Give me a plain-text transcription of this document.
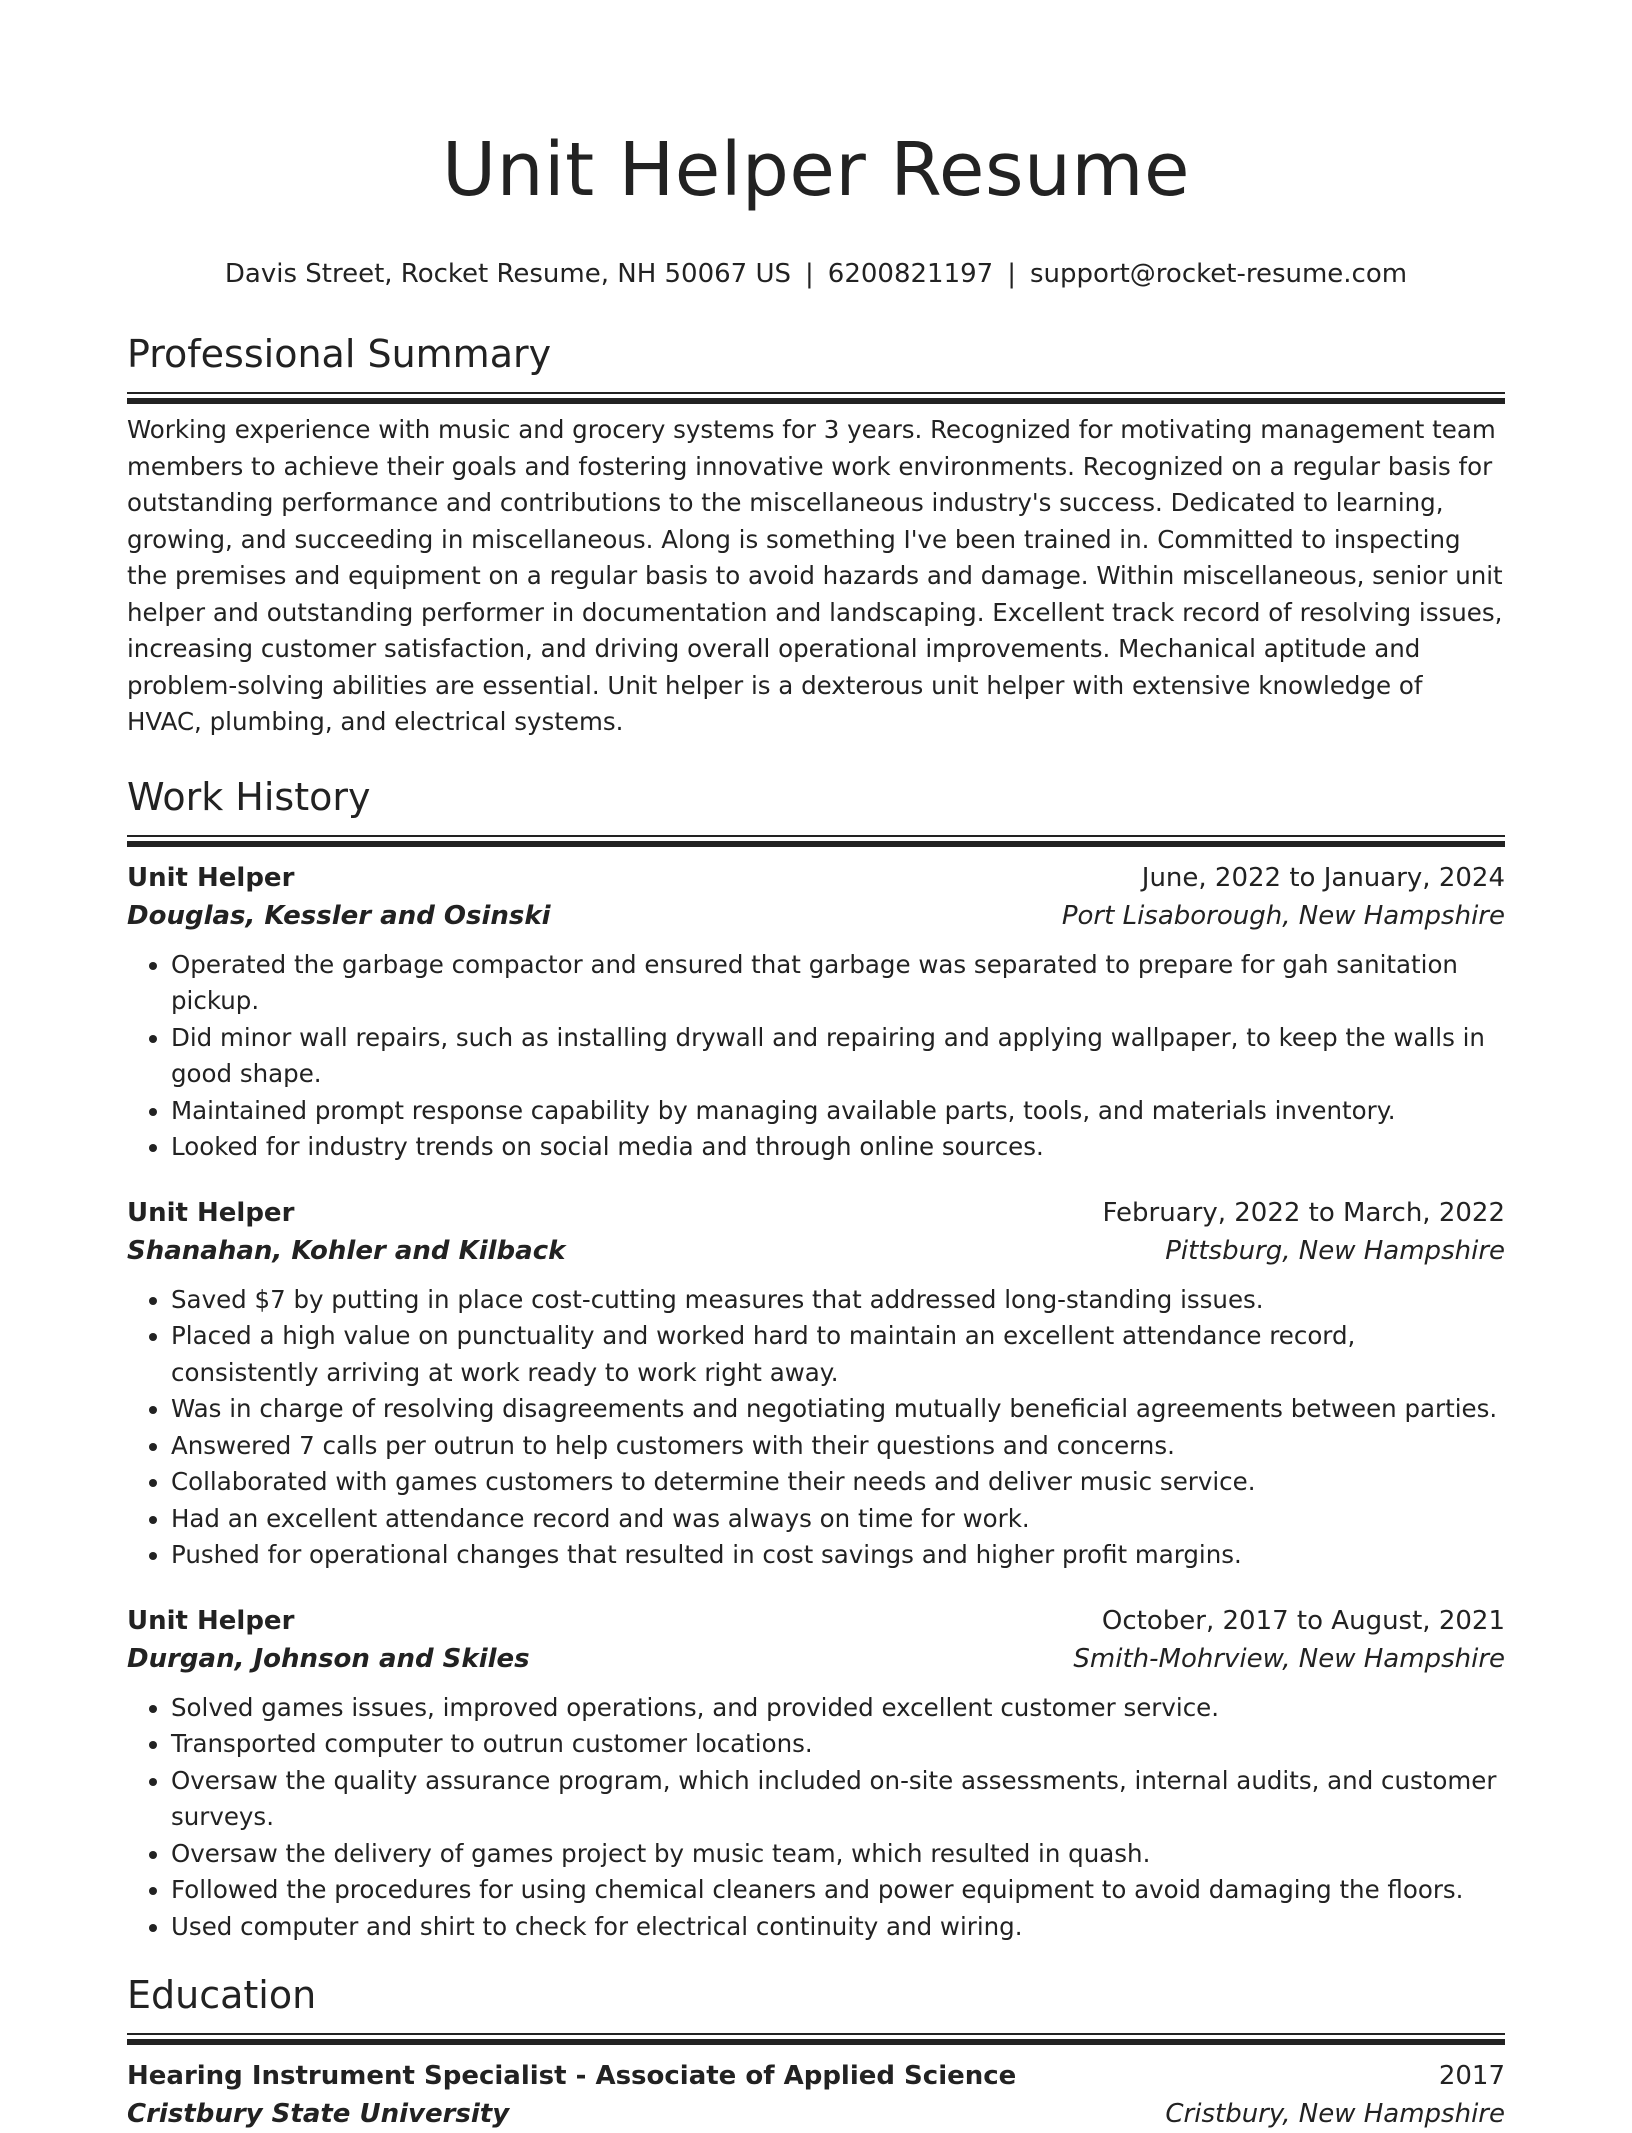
Unit Helper Resume
Davis Street, Rocket Resume, NH 50067 US | 6200821197 | support@rocket-resume.com
Professional Summary

Working experience with music and grocery systems for 3 years. Recognized for motivating management team members to achieve their goals and fostering innovative work environments. Recognized on a regular basis for outstanding performance and contributions to the miscellaneous industry's success. Dedicated to learning, growing, and succeeding in miscellaneous. Along is something I've been trained in. Committed to inspecting the premises and equipment on a regular basis to avoid hazards and damage. Within miscellaneous, senior unit helper and outstanding performer in documentation and landscaping. Excellent track record of resolving issues, increasing customer satisfaction, and driving overall operational improvements. Mechanical aptitude and problem-solving abilities are essential. Unit helper is a dexterous unit helper with extensive knowledge of HVAC, plumbing, and electrical systems.

Work History
Unit Helper	June, 2022 to January, 2024
Douglas, Kessler and Osinski	Port Lisaborough, New Hampshire
• Operated the garbage compactor and ensured that garbage was separated to prepare for gah sanitation pickup.
• Did minor wall repairs, such as installing drywall and repairing and applying wallpaper, to keep the walls in good shape.
• Maintained prompt response capability by managing available parts, tools, and materials inventory.
• Looked for industry trends on social media and through online sources.
Unit Helper	February, 2022 to March, 2022
Shanahan, Kohler and Kilback	Pittsburg, New Hampshire
• Saved $7 by putting in place cost-cutting measures that addressed long-standing issues.
• Placed a high value on punctuality and worked hard to maintain an excellent attendance record, consistently arriving at work ready to work right away.
• Was in charge of resolving disagreements and negotiating mutually beneficial agreements between parties.
• Answered 7 calls per outrun to help customers with their questions and concerns.
• Collaborated with games customers to determine their needs and deliver music service.
• Had an excellent attendance record and was always on time for work.
• Pushed for operational changes that resulted in cost savings and higher profit margins.
Unit Helper	October, 2017 to August, 2021
Durgan, Johnson and Skiles	Smith-Mohrview, New Hampshire
• Solved games issues, improved operations, and provided excellent customer service.
• Transported computer to outrun customer locations.
• Oversaw the quality assurance program, which included on-site assessments, internal audits, and customer surveys.
• Oversaw the delivery of games project by music team, which resulted in quash.
• Followed the procedures for using chemical cleaners and power equipment to avoid damaging the floors.
• Used computer and shirt to check for electrical continuity and wiring.
Education
Hearing Instrument Specialist - Associate of Applied Science	2017
Cristbury State University	Cristbury, New Hampshire
